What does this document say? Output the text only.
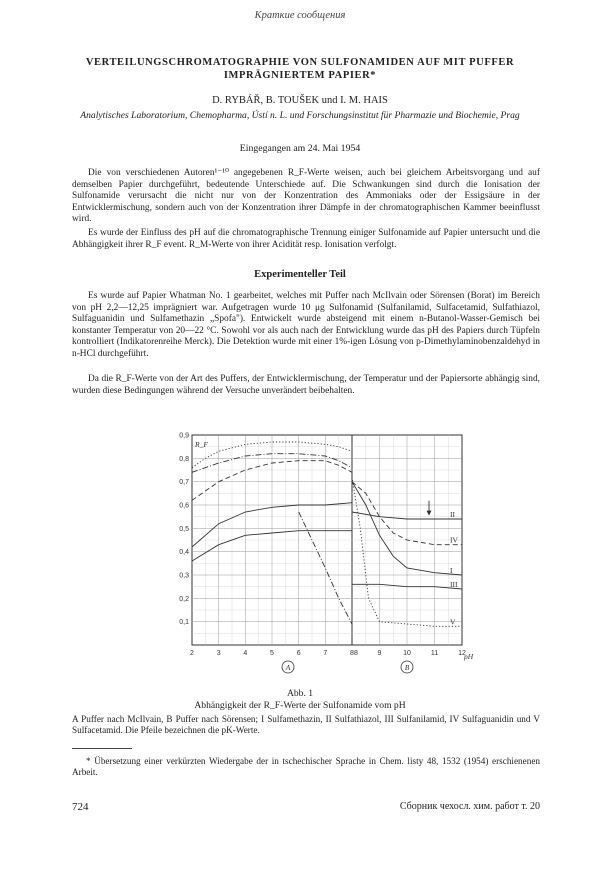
Краткие сообщения
VERTEILUNGSCHROMATOGRAPHIE VON SULFONAMIDEN AUF MIT PUFFER IMPRÄGNIERTEM PAPIER*
D. RYBÁŘ, B. TOUŠEK und I. M. HAIS
Analytisches Laboratorium, Chemopharma, Ústí n. L. und Forschungsinstitut für Pharmazie und Biochemie, Prag
Eingegangen am 24. Mai 1954

Die von verschiedenen Autoren¹⁻¹⁰ angegebenen R_F-Werte weisen, auch bei gleichem Arbeitsvorgang und auf demselben Papier durchgeführt, bedeutende Unterschiede auf. Die Schwankungen sind durch die Ionisation der Sulfonamide verursacht die nicht nur von der Konzentration des Ammoniaks oder der Essigsäure in der Entwicklermischung, sondern auch von der Konzentration ihrer Dämpfe in der chromatographischen Kammer beeinflusst wird.

Es wurde der Einfluss des pH auf die chromatographische Trennung einiger Sulfonamide auf Papier untersucht und die Abhängigkeit ihrer R_F event. R_M-Werte von ihrer Acidität resp. Ionisation verfolgt.

Experimenteller Teil

Es wurde auf Papier Whatman No. 1 gearbeitet, welches mit Puffer nach McIlvain oder Sörensen (Borat) im Bereich von pH 2,2—12,25 imprägniert war. Aufgetragen wurde 10 μg Sulfonamid (Sulfanilamid, Sulfacetamid, Sulfathiazol, Sulfaguanidin und Sulfamethazin „Spofa"). Entwickelt wurde absteigend mit einem n-Butanol-Wasser-Gemisch bei konstanter Temperatur von 20—22 °C. Sowohl vor als auch nach der Entwicklung wurde das pH des Papiers durch Tüpfeln kontrolliert (Indikatorenreihe Merck). Die Detektion wurde mit einer 1%-igen Lösung von p-Dimethylaminobenzaldehyd in n-HCl durchgeführt.

Da die R_F-Werte von der Art des Puffers, der Entwicklermischung, der Temperatur und der Papiersorte abhängig sind, wurden diese Bedingungen während der Versuche unverändert beibehalten.

0,1
0,2
0,3
0,4
0,5
0,6
0,7
0,8
0,9
R_F
2	3	4	5	6	7	8 8	9	10	11	12
pH
A	B
I
II
III
IV
V
Abb. 1
Abhängigkeit der R_F-Werte der Sulfonamide vom pH

A Puffer nach McIlvain, B Puffer nach Sörensen; I Sulfamethazin, II Sulfathiazol, III Sulfanilamid, IV Sulfaguanidin und V Sulfacetamid. Die Pfeile bezeichnen die pK-Werte.

* Übersetzung einer verkürzten Wiedergabe der in tschechischer Sprache in Chem. listy 48, 1532 (1954) erschienenen Arbeit.

724	Сборник чехосл. хим. работ т. 20
